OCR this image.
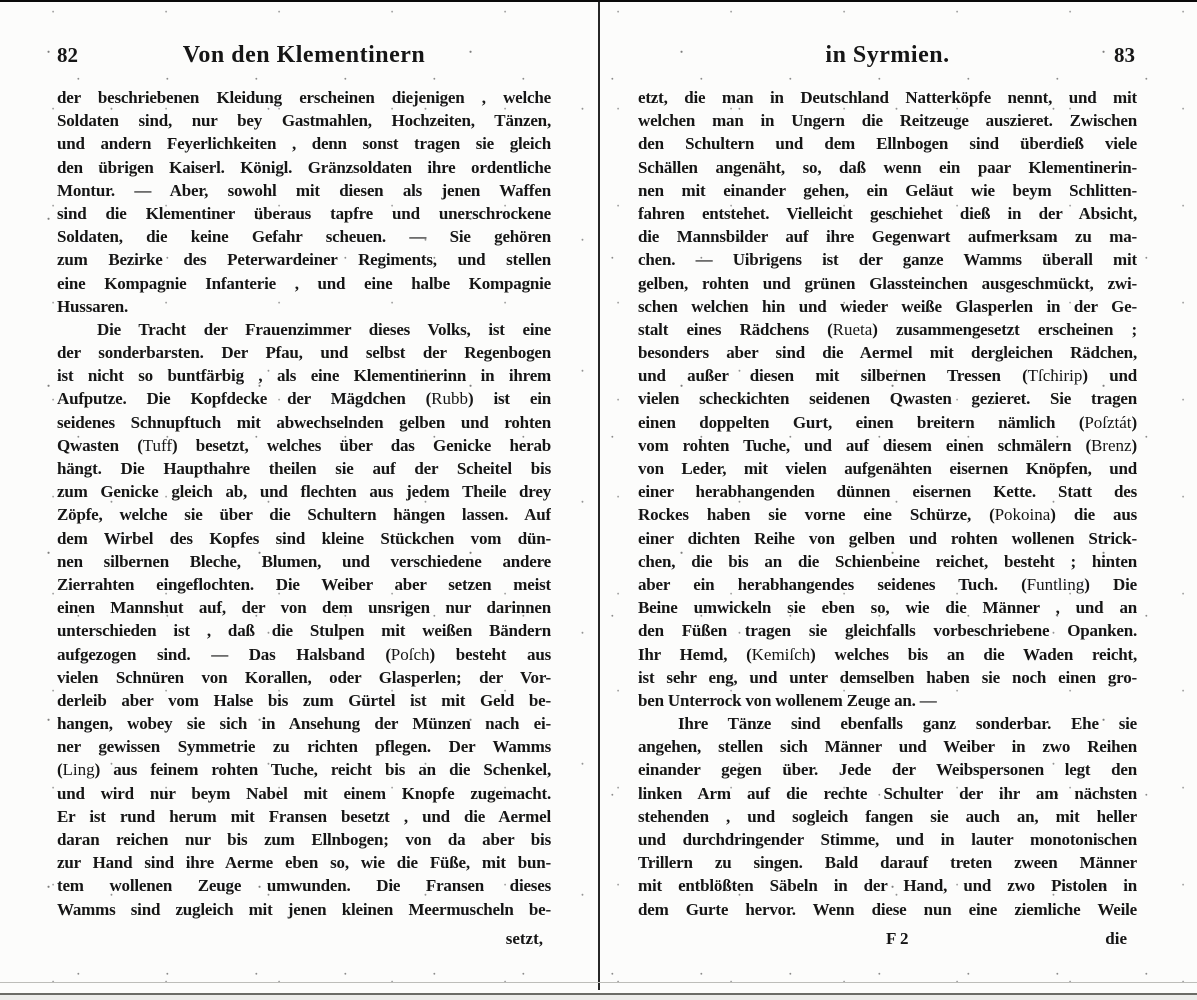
82	Von den Klementinern
der beschriebenen Kleidung erscheinen diejenigen , welche
Soldaten sind, nur bey Gastmahlen, Hochzeiten, Tänzen,
und andern Feyerlichkeiten , denn sonst tragen sie gleich
den übrigen Kaiserl. Königl. Gränzsoldaten ihre ordentliche
Montur. — Aber, sowohl mit diesen als jenen Waffen
sind die Klementiner überaus tapfre und unerschrockene
Soldaten, die keine Gefahr scheuen. — Sie gehören
zum Bezirke des Peterwardeiner Regiments, und stellen
eine Kompagnie Infanterie , und eine halbe Kompagnie
Hussaren.
Die Tracht der Frauenzimmer dieses Volks, ist eine
der sonderbarsten. Der Pfau, und selbst der Regenbogen
ist nicht so buntfärbig , als eine Klementinerinn in ihrem
Aufputze. Die Kopfdecke der Mägdchen (Rubb) ist ein
seidenes Schnupftuch mit abwechselnden gelben und rohten
Qwasten (Tuff) besetzt, welches über das Genicke herab
hängt. Die Haupthahre theilen sie auf der Scheitel bis
zum Genicke gleich ab, und flechten aus jedem Theile drey
Zöpfe, welche sie über die Schultern hängen lassen. Auf
dem Wirbel des Kopfes sind kleine Stückchen vom dün-
nen silbernen Bleche, Blumen, und verschiedene andere
Zierrahten eingeflochten. Die Weiber aber setzen meist
einen Mannshut auf, der von dem unsrigen nur darinnen
unterschieden ist , daß die Stulpen mit weißen Bändern
aufgezogen sind. — Das Halsband (Poſch) besteht aus
vielen Schnüren von Korallen, oder Glasperlen; der Vor-
derleib aber vom Halse bis zum Gürtel ist mit Geld be-
hangen, wobey sie sich in Ansehung der Münzen nach ei-
ner gewissen Symmetrie zu richten pflegen. Der Wamms
(Ling) aus feinem rohten Tuche, reicht bis an die Schenkel,
und wird nur beym Nabel mit einem Knopfe zugemacht.
Er ist rund herum mit Fransen besetzt , und die Aermel
daran reichen nur bis zum Ellnbogen; von da aber bis
zur Hand sind ihre Aerme eben so, wie die Füße, mit bun-
tem wollenen Zeuge umwunden. Die Fransen dieses
Wamms sind zugleich mit jenen kleinen Meermuscheln be-
setzt,
in Syrmien.	83
etzt, die man in Deutschland Natterköpfe nennt, und mit
welchen man in Ungern die Reitzeuge auszieret. Zwischen
den Schultern und dem Ellnbogen sind überdieß viele
Schällen angenäht, so, daß wenn ein paar Klementinerin-
nen mit einander gehen, ein Geläut wie beym Schlitten-
fahren entstehet. Vielleicht geschiehet dieß in der Absicht,
die Mannsbilder auf ihre Gegenwart aufmerksam zu ma-
chen. — Uibrigens ist der ganze Wamms überall mit
gelben, rohten und grünen Glassteinchen ausgeschmückt, zwi-
schen welchen hin und wieder weiße Glasperlen in der Ge-
stalt eines Rädchens (Rueta) zusammengesetzt erscheinen ;
besonders aber sind die Aermel mit dergleichen Rädchen,
und außer diesen mit silbernen Tressen (Tſchirip) und
vielen scheckichten seidenen Qwasten gezieret. Sie tragen
einen doppelten Gurt, einen breitern nämlich (Poſztát)
vom rohten Tuche, und auf diesem einen schmälern (Brenz)
von Leder, mit vielen aufgenähten eisernen Knöpfen, und
einer herabhangenden dünnen eisernen Kette. Statt des
Rockes haben sie vorne eine Schürze, (Pokoina) die aus
einer dichten Reihe von gelben und rohten wollenen Strick-
chen, die bis an die Schienbeine reichet, besteht ; hinten
aber ein herabhangendes seidenes Tuch. (Funtling) Die
Beine umwickeln sie eben so, wie die Männer , und an
den Füßen tragen sie gleichfalls vorbeschriebene Opanken.
Ihr Hemd, (Kemiſch) welches bis an die Waden reicht,
ist sehr eng, und unter demselben haben sie noch einen gro-
ben Unterrock von wollenem Zeuge an. —
Ihre Tänze sind ebenfalls ganz sonderbar. Ehe sie
angehen, stellen sich Männer und Weiber in zwo Reihen
einander gegen über. Jede der Weibspersonen legt den
linken Arm auf die rechte Schulter der ihr am nächsten
stehenden , und sogleich fangen sie auch an, mit heller
und durchdringender Stimme, und in lauter monotonischen
Trillern zu singen. Bald darauf treten zween Männer
mit entblößten Säbeln in der Hand, und zwo Pistolen in
dem Gurte hervor. Wenn diese nun eine ziemliche Weile
F 2	die
